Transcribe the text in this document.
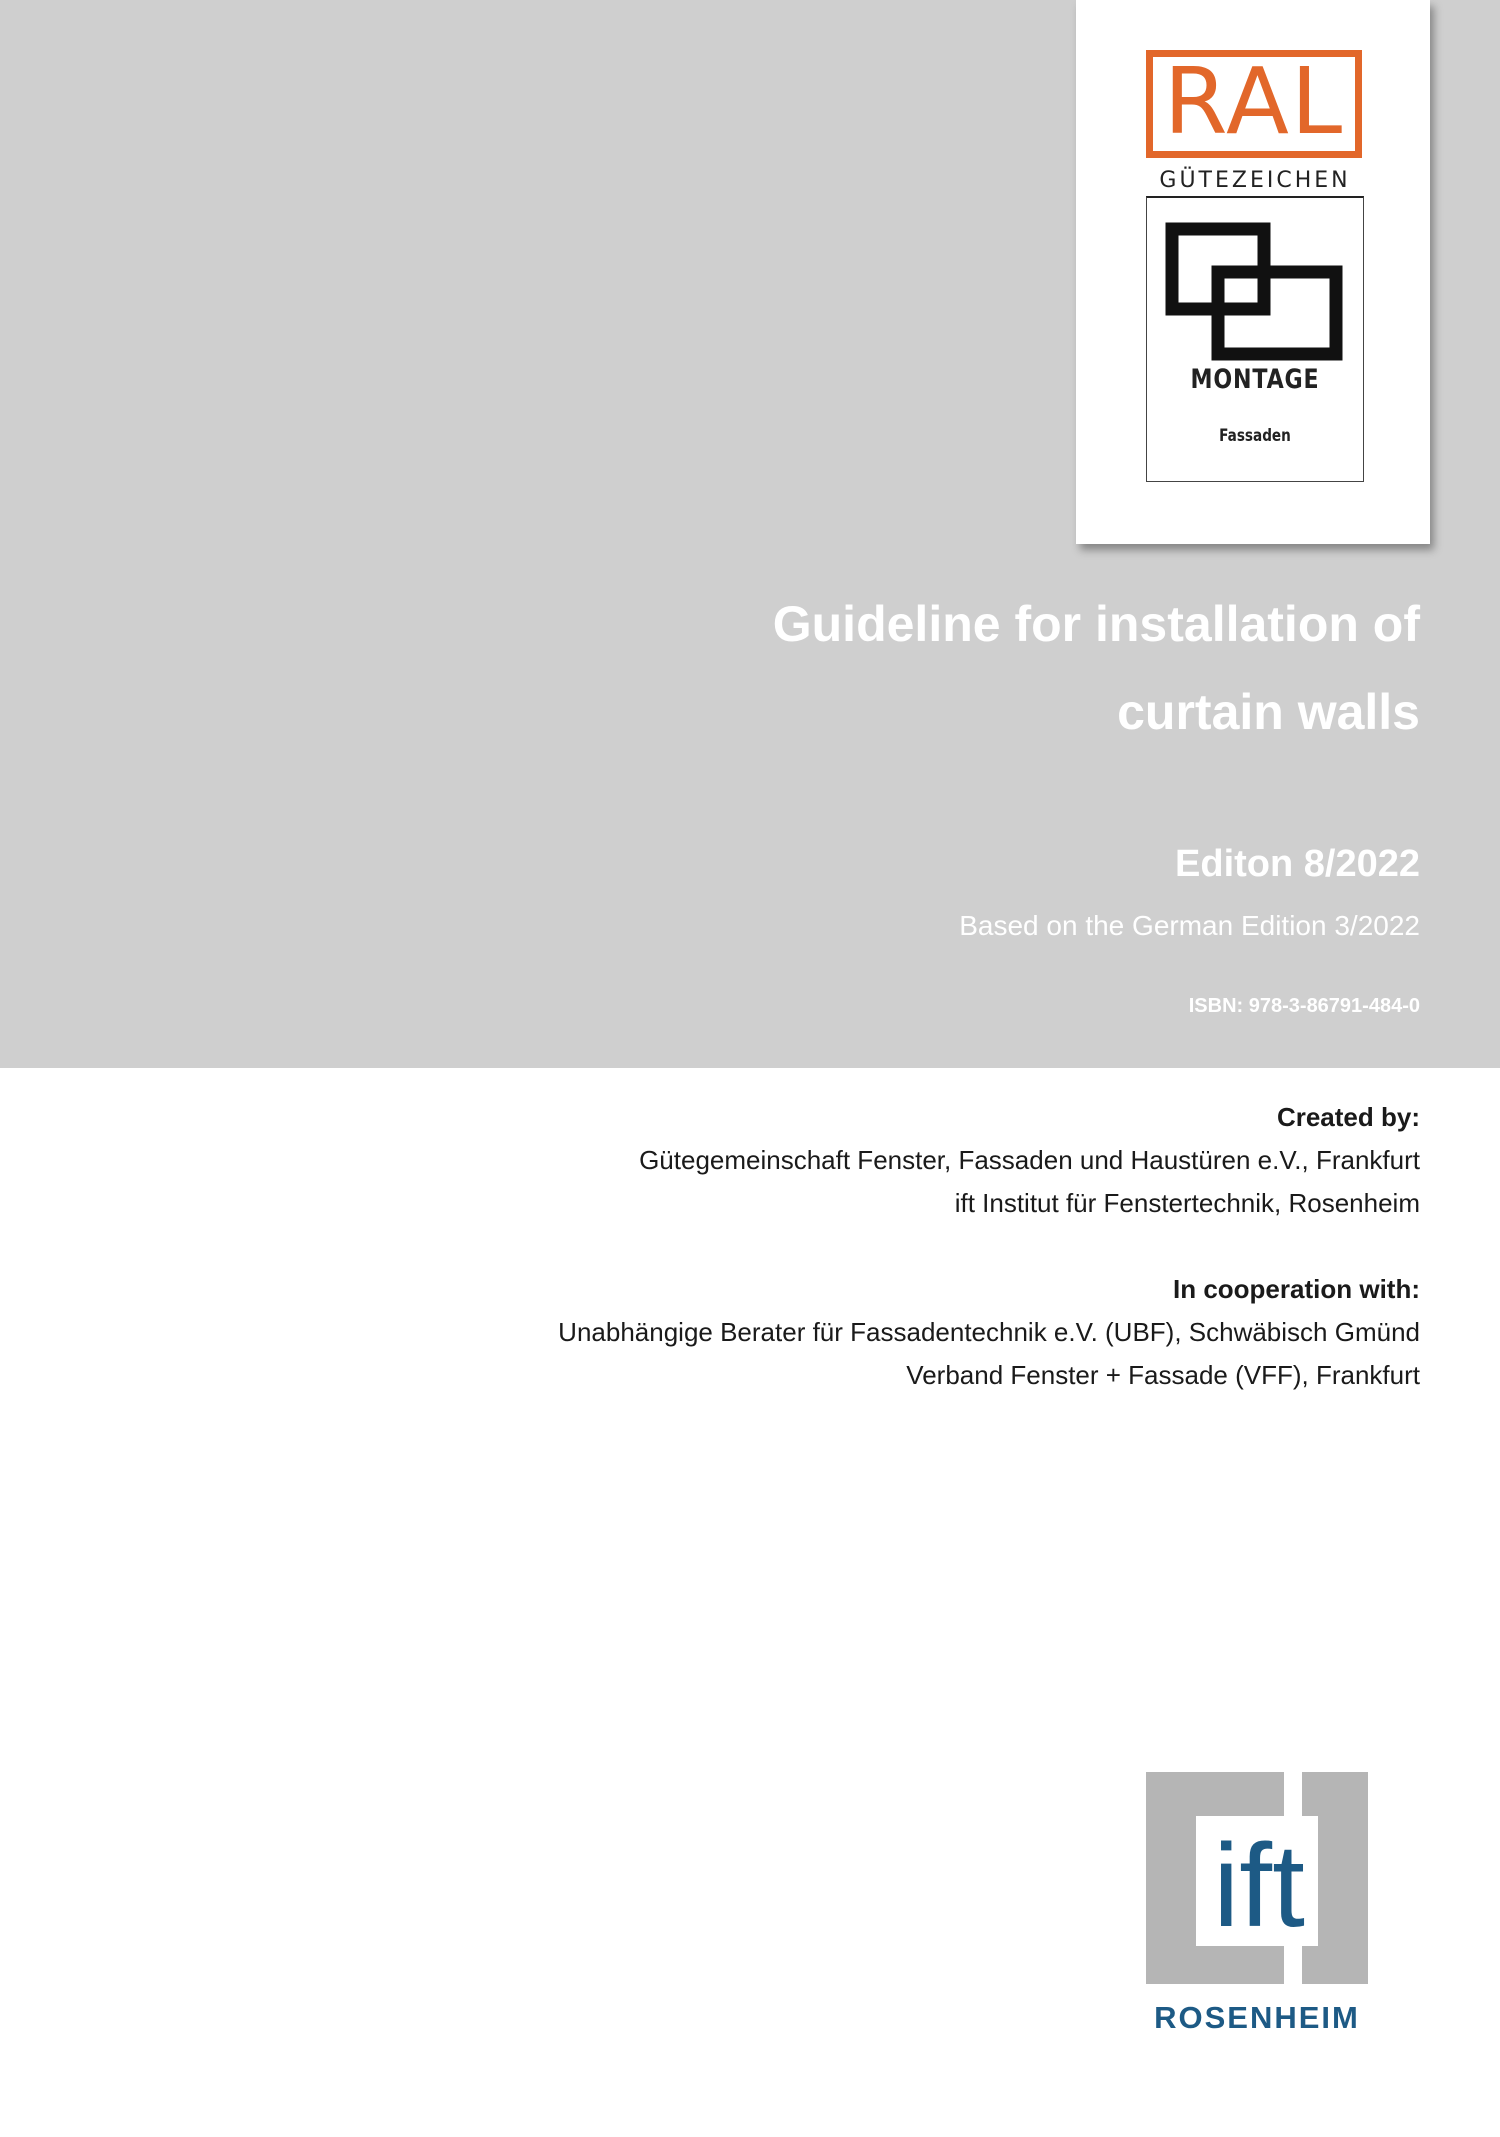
RAL
GÜTEZEICHEN
MONTAGE
Fassaden
Guideline for installation of
curtain walls
Editon 8/2022
Based on the German Edition 3/2022
ISBN: 978-3-86791-484-0
Created by:
Gütegemeinschaft Fenster, Fassaden und Haustüren e.V., Frankfurt
ift Institut für Fenstertechnik, Rosenheim
In cooperation with:
Unabhängige Berater für Fassadentechnik e.V. (UBF), Schwäbisch Gmünd
Verband Fenster + Fassade (VFF), Frankfurt
ift
ROSENHEIM
